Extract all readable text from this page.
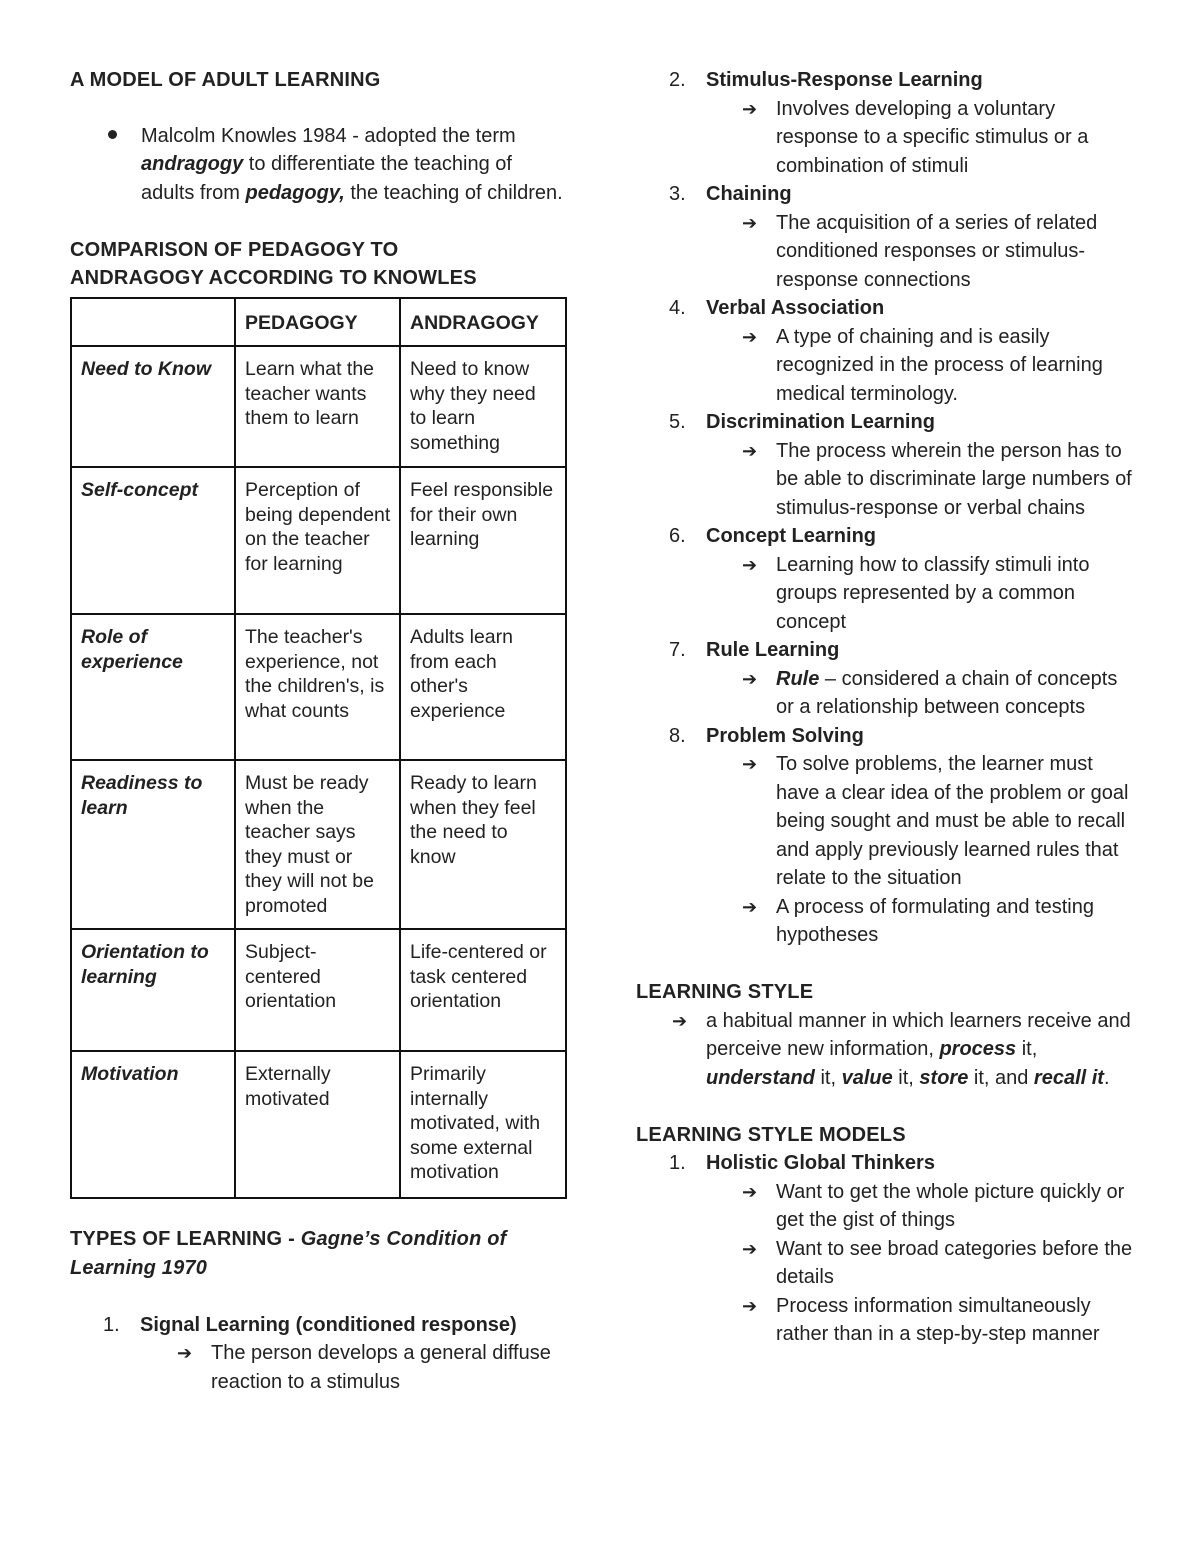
A MODEL OF ADULT LEARNING
Malcolm Knowles 1984 - adopted the term andragogy to differentiate the teaching of adults from pedagogy, the teaching of children.
COMPARISON OF PEDAGOGY TO
ANDRAGOGY ACCORDING TO KNOWLES
	PEDAGOGY	ANDRAGOGY
Need to Know	Learn what the teacher wants them to learn	Need to know why they need to learn something
Self-concept	Perception of being dependent on the teacher for learning	Feel responsible for their own learning
Role of experience	The teacher's experience, not the children's, is what counts	Adults learn from each other's experience
Readiness to learn	Must be ready when the teacher says they must or they will not be promoted	Ready to learn when they feel the need to know
Orientation to learning	Subject-centered orientation	Life-centered or task centered orientation
Motivation	Externally motivated	Primarily internally motivated, with some external motivation
TYPES OF LEARNING - Gagne’s Condition of Learning 1970
1. Signal Learning (conditioned response)
➔ The person develops a general diffuse reaction to a stimulus
2. Stimulus-Response Learning
➔ Involves developing a voluntary response to a specific stimulus or a combination of stimuli
3. Chaining
➔ The acquisition of a series of related conditioned responses or stimulus-response connections
4. Verbal Association
➔ A type of chaining and is easily recognized in the process of learning medical terminology.
5. Discrimination Learning
➔ The process wherein the person has to be able to discriminate large numbers of stimulus-response or verbal chains
6. Concept Learning
➔ Learning how to classify stimuli into groups represented by a common concept
7. Rule Learning
➔ Rule – considered a chain of concepts or a relationship between concepts
8. Problem Solving
➔ To solve problems, the learner must have a clear idea of the problem or goal being sought and must be able to recall and apply previously learned rules that relate to the situation
➔ A process of formulating and testing hypotheses
LEARNING STYLE
➔ a habitual manner in which learners receive and perceive new information, process it, understand it, value it, store it, and recall it.
LEARNING STYLE MODELS
1. Holistic Global Thinkers
➔ Want to get the whole picture quickly or get the gist of things
➔ Want to see broad categories before the details
➔ Process information simultaneously rather than in a step-by-step manner
